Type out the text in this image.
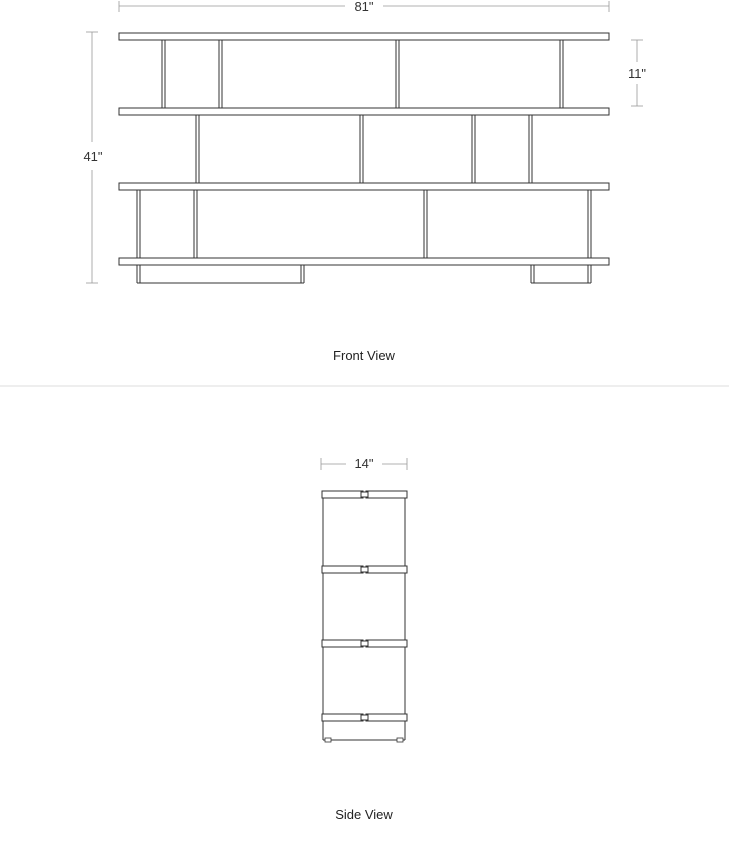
81"
41"
11"
Front View
14"
Side View
